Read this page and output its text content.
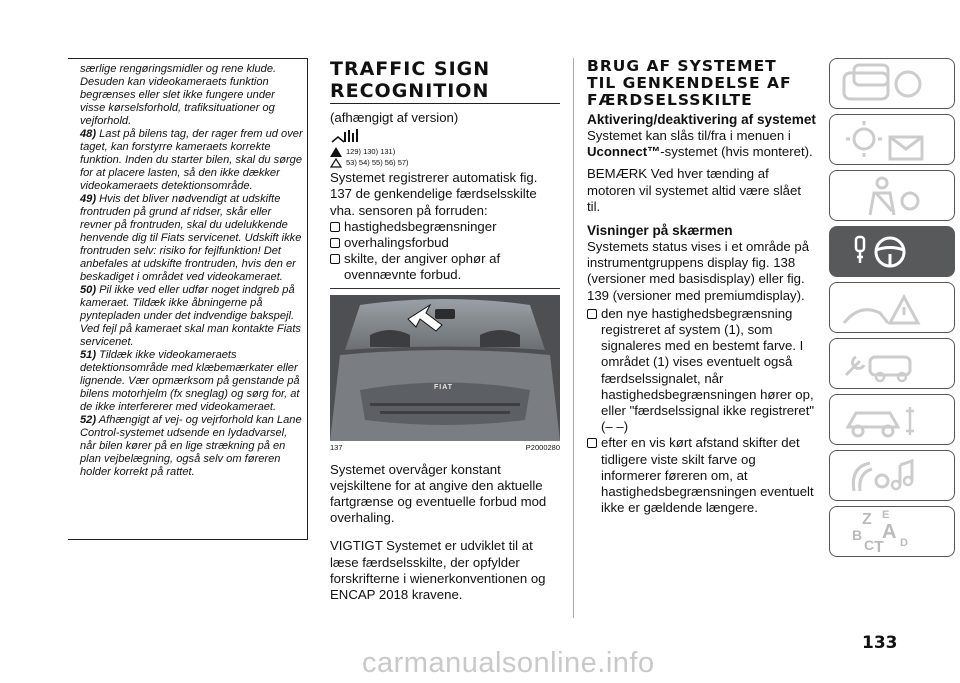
særlige rengøringsmidler og rene klude. Desuden kan videokameraets funktion begrænses eller slet ikke fungere under visse kørselsforhold, trafiksituationer og vejforhold.

48) Last på bilens tag, der rager frem ud over taget, kan forstyrre kameraets korrekte funktion. Inden du starter bilen, skal du sørge for at placere lasten, så den ikke dækker videokameraets detektionsområde.

49) Hvis det bliver nødvendigt at udskifte frontruden på grund af ridser, skår eller revner på frontruden, skal du udelukkende henvende dig til Fiats servicenet. Udskift ikke frontruden selv: risiko for fejlfunktion! Det anbefales at udskifte frontruden, hvis den er beskadiget i området ved videokameraet.

50) Pil ikke ved eller udfør noget indgreb på kameraet. Tildæk ikke åbningerne på pyntepladen under det indvendige bakspejl. Ved fejl på kameraet skal man kontakte Fiats servicenet.

51) Tildæk ikke videokameraets detektionsområde med klæbemærkater eller lignende. Vær opmærksom på genstande på bilens motorhjelm (fx sneglag) og sørg for, at de ikke interfererer med videokameraet.

52) Afhængigt af vej- og vejrforhold kan Lane Control-systemet udsende en lydadvarsel, når bilen kører på en lige strækning på en plan vejbelægning, også selv om føreren holder korrekt på rattet.

TRAFFIC SIGN
RECOGNITION

(afhængigt af version)

129) 130) 131)

53) 54) 55) 56) 57)

Systemet registrerer automatisk fig. 137 de genkendelige færdselsskilte vha. sensoren på forruden:

hastighedsbegrænsninger
overhalingsforbud
skilte, der angiver ophør af ovennævnte forbud.
FIAT
137	P2000280

Systemet overvåger konstant vejskiltene for at angive den aktuelle fartgrænse og eventuelle forbud mod overhaling.

VIGTIGT Systemet er udviklet til at læse færdselsskilte, der opfylder forskrifterne i wienerkonventionen og ENCAP 2018 kravene.

BRUG AF SYSTEMET
TIL GENKENDELSE AF
FÆRDSELSSKILTE

Aktivering/deaktivering af systemet

Systemet kan slås til/fra i menuen i
Uconnect™-systemet (hvis monteret).

BEMÆRK Ved hver tænding af motoren vil systemet altid være slået til.

Visninger på skærmen

Systemets status vises i et område på instrumentgruppens display fig. 138 (versioner med basisdisplay) eller fig. 139 (versioner med premiumdisplay).

den nye hastighedsbegrænsning registreret af system (1), som signaleres med en bestemt farve. I området (1) vises eventuelt også færdselssignalet, når hastighedsbegrænsningen hører op, eller "færdselssignal ikke registreret" (– –)
efter en vis kørt afstand skifter det tidligere viste skilt farve og informerer føreren om, at hastighedsbegrænsningen eventuelt ikke er gældende længere.
Z E
A
B
C T D
133
carmanualsonline.info
